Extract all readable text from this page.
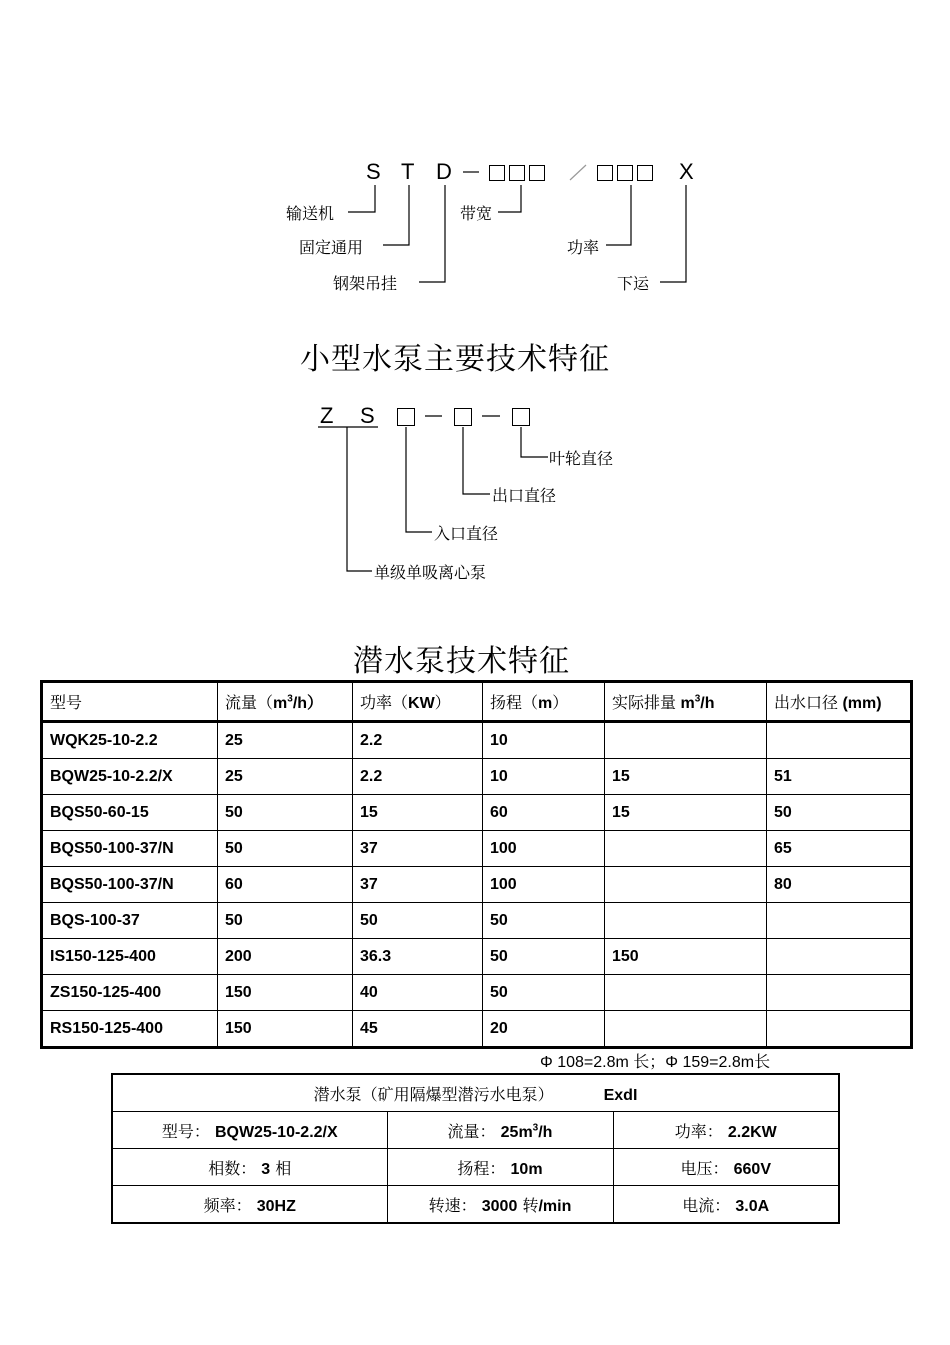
S T D	X
输送机
固定通用
钢架吊挂
带宽
功率
下运
小型水泵主要技术特征
Z S
叶轮直径
出口直径
入口直径
单级单吸离心泵
潜水泵技术特征
型号	流量$(m^3/h)$	功率（KW）	扬程（m）	实际排量 $m^3/h$	出水口径 (mm)
WQK25-10-2.2	25	2.2	10		
BQW25-10-2.2/X	25	2.2	10	15	51
BQS50-60-15	50	15	60	15	50
BQS50-100-37/N	50	37	100		65
BQS50-100-37/N	60	37	100		80
BQS-100-37	50	50	50		
IS150-125-400	200	36.3	50	150	
ZS150-125-400	150	40	50		
RS150-125-400	150	45	20		
Φ 108=2.8m 长；Φ 159=2.8m长
潜水泵（矿用隔爆型潜污水电泵） ExdI		
型号： BQW25-10-2.2/X	流量： $25m^3/h$	功率： 2.2KW
相数： 3 相	扬程： 10m	电压： 660V
频率： 30HZ	转速： 3000 转/min	电流： 3.0A
